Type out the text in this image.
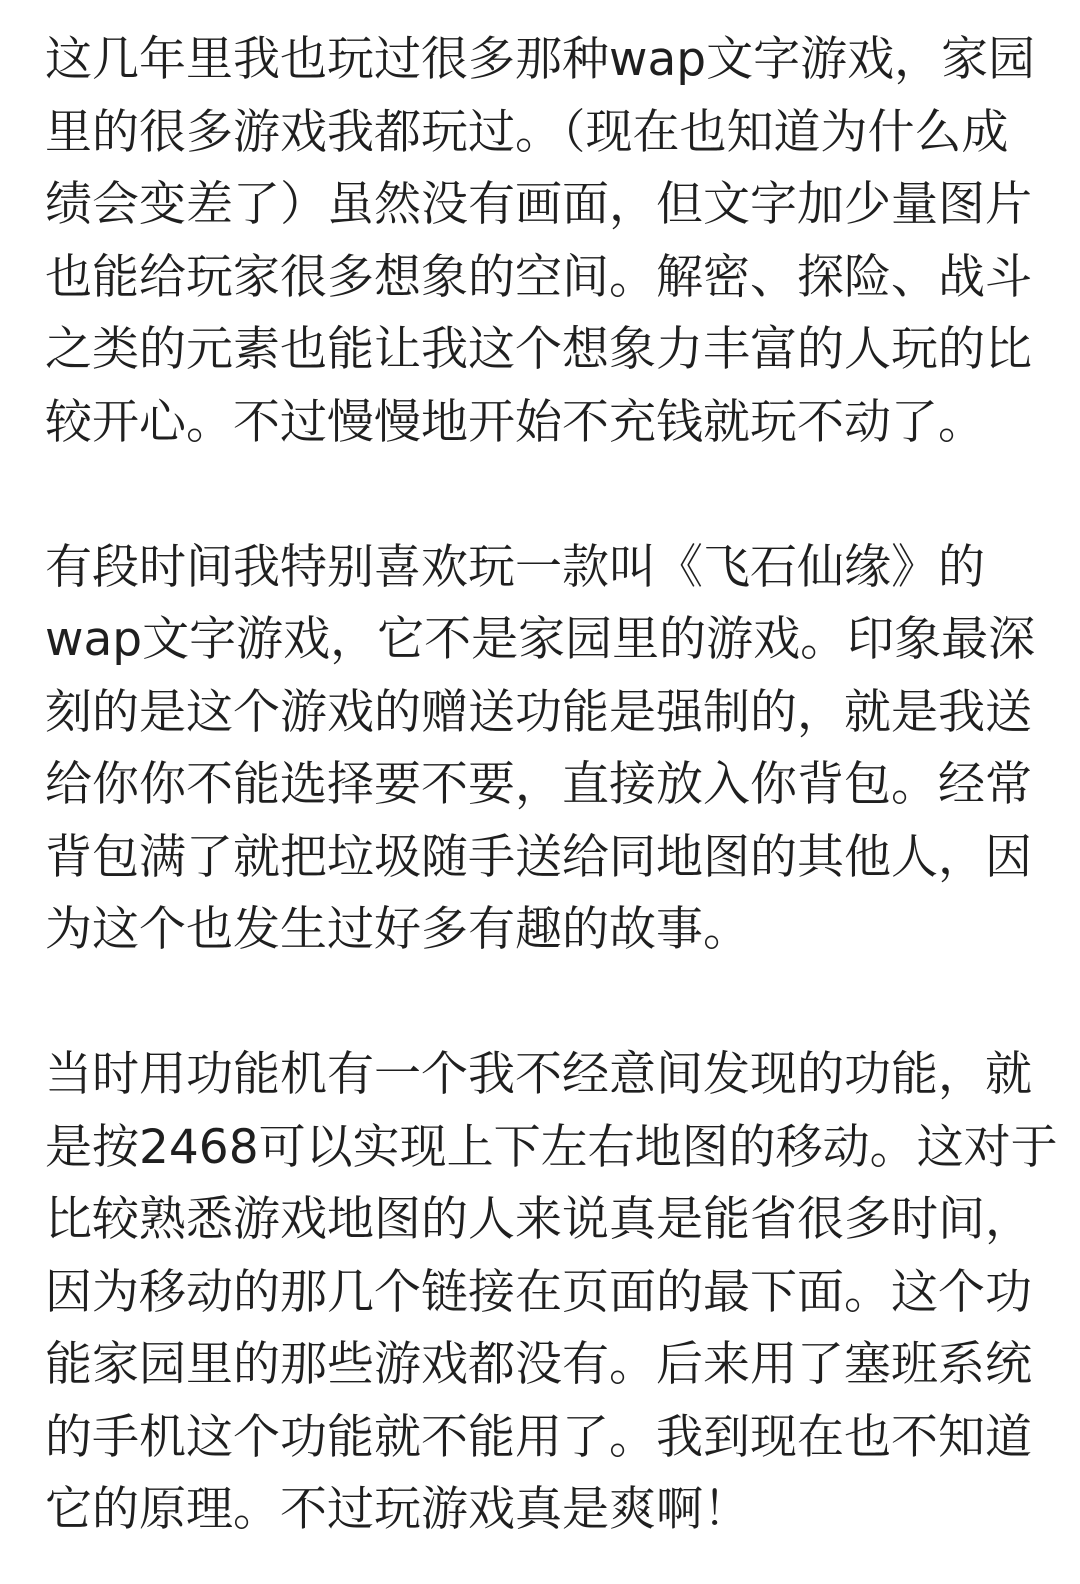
这几年里我也玩过很多那种wap文字游戏，家园
里的很多游戏我都玩过。（现在也知道为什么成
绩会变差了）虽然没有画面，但文字加少量图片
也能给玩家很多想象的空间。解密、探险、战斗
之类的元素也能让我这个想象力丰富的人玩的比
较开心。不过慢慢地开始不充钱就玩不动了。
有段时间我特别喜欢玩一款叫《飞石仙缘》的
wap文字游戏，它不是家园里的游戏。印象最深
刻的是这个游戏的赠送功能是强制的，就是我送
给你你不能选择要不要，直接放入你背包。经常
背包满了就把垃圾随手送给同地图的其他人，因
为这个也发生过好多有趣的故事。
当时用功能机有一个我不经意间发现的功能，就
是按2468可以实现上下左右地图的移动。这对于
比较熟悉游戏地图的人来说真是能省很多时间，
因为移动的那几个链接在页面的最下面。这个功
能家园里的那些游戏都没有。后来用了塞班系统
的手机这个功能就不能用了。我到现在也不知道
它的原理。不过玩游戏真是爽啊！
